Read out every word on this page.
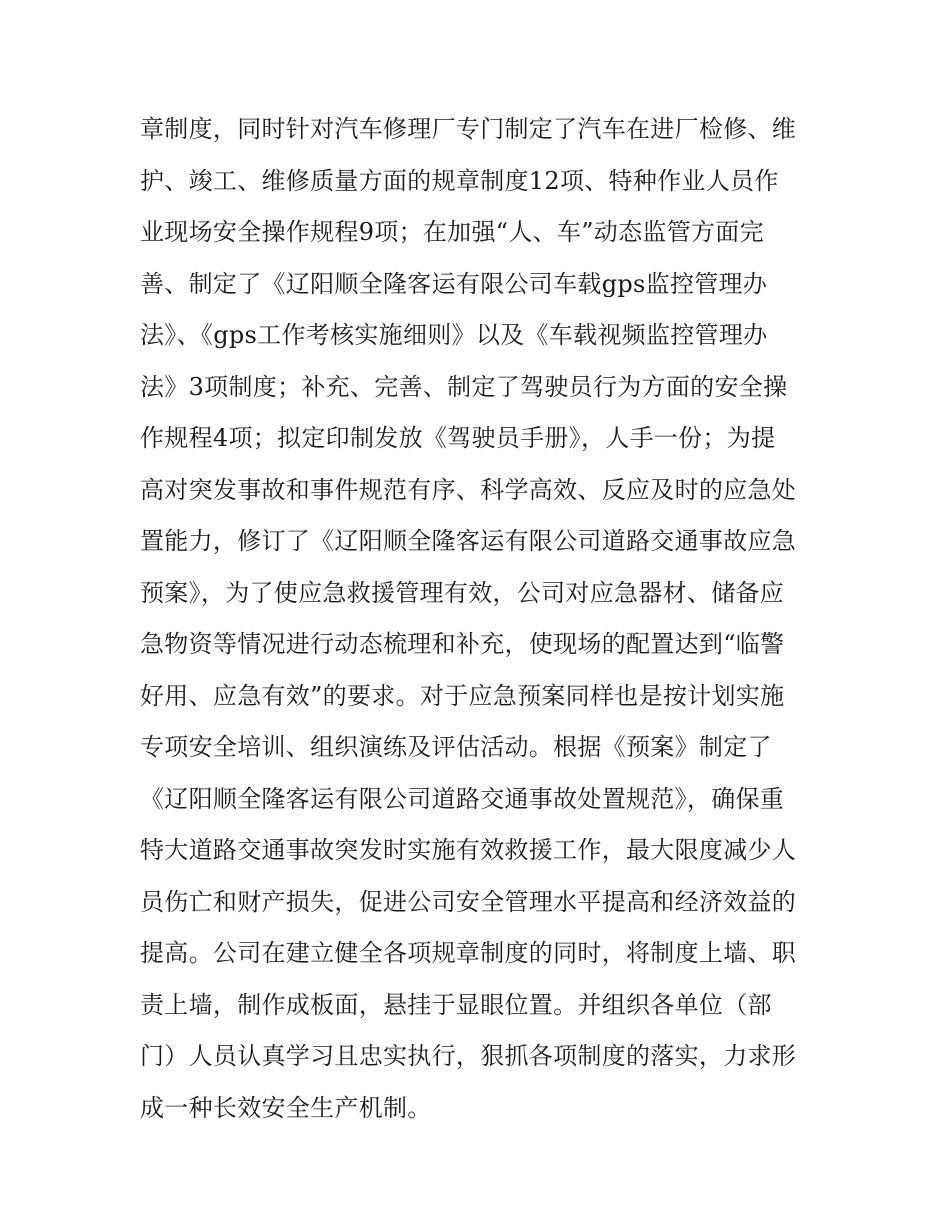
章制度，同时针对汽车修理厂专门制定了汽车在进厂检修、维
护、竣工、维修质量方面的规章制度12项、特种作业人员作
业现场安全操作规程9项；在加强“人、车”动态监管方面完
善、制定了《辽阳顺全隆客运有限公司车载gps监控管理办
法》、《gps工作考核实施细则》以及《车载视频监控管理办
法》3项制度；补充、完善、制定了驾驶员行为方面的安全操
作规程4项；拟定印制发放《驾驶员手册》，人手一份；为提
高对突发事故和事件规范有序、科学高效、反应及时的应急处
置能力，修订了《辽阳顺全隆客运有限公司道路交通事故应急
预案》，为了使应急救援管理有效，公司对应急器材、储备应
急物资等情况进行动态梳理和补充，使现场的配置达到“临警
好用、应急有效”的要求。对于应急预案同样也是按计划实施
专项安全培训、组织演练及评估活动。根据《预案》制定了
《辽阳顺全隆客运有限公司道路交通事故处置规范》，确保重
特大道路交通事故突发时实施有效救援工作，最大限度减少人
员伤亡和财产损失，促进公司安全管理水平提高和经济效益的
提高。公司在建立健全各项规章制度的同时，将制度上墙、职
责上墙，制作成板面，悬挂于显眼位置。并组织各单位（部
门）人员认真学习且忠实执行，狠抓各项制度的落实，力求形
成一种长效安全生产机制。
